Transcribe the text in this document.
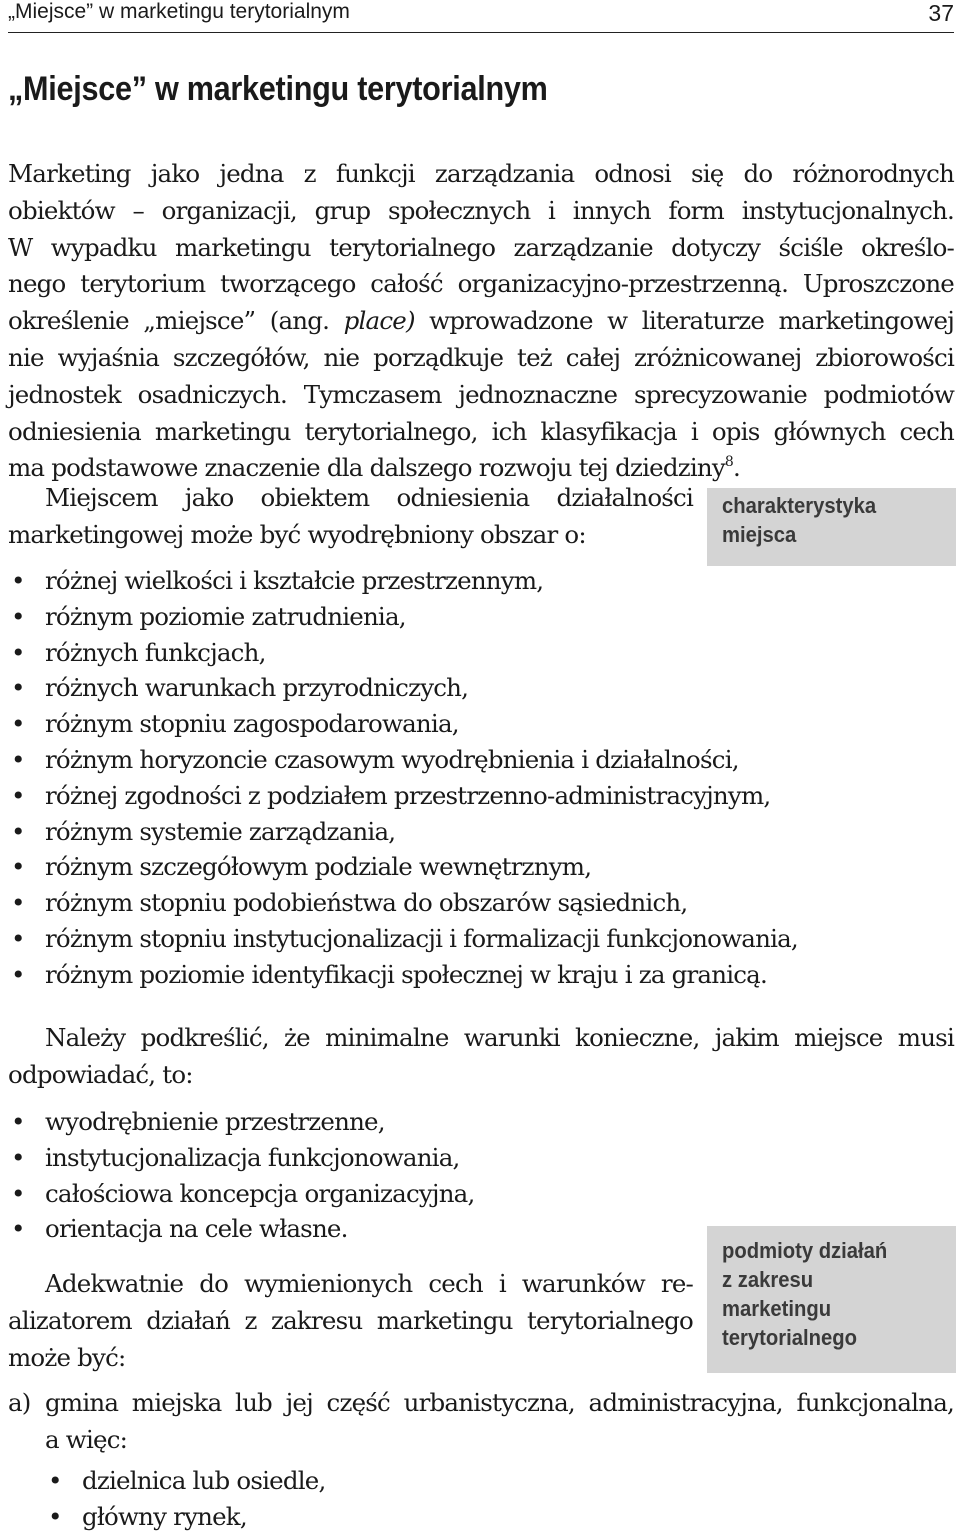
„Miejsce” w marketingu terytorialnym	37
„Miejsce” w marketingu terytorialnym
Marketing jako jedna z funkcji zarządzania odnosi się do różnorodnych
obiektów – organizacji, grup społecznych i innych form instytucjonalnych.
W wypadku marketingu terytorialnego zarządzanie dotyczy ściśle określo-
nego terytorium tworzącego całość organizacyjno-przestrzenną. Uproszczone
określenie „miejsce” (ang. place) wprowadzone w literaturze marketingowej
nie wyjaśnia szczegółów, nie porządkuje też całej zróżnicowanej zbiorowości
jednostek osadniczych. Tymczasem jednoznaczne sprecyzowanie podmiotów
odniesienia marketingu terytorialnego, ich klasyfikacja i opis głównych cech
ma podstawowe znaczenie dla dalszego rozwoju tej dziedziny$^8$.
Miejscem jako obiektem odniesienia działalności
marketingowej może być wyodrębniony obszar o:
charakterystyka
miejsca
• różnej wielkości i kształcie przestrzennym,
• różnym poziomie zatrudnienia,
• różnych funkcjach,
• różnych warunkach przyrodniczych,
• różnym stopniu zagospodarowania,
• różnym horyzoncie czasowym wyodrębnienia i działalności,
• różnej zgodności z podziałem przestrzenno-administracyjnym,
• różnym systemie zarządzania,
• różnym szczegółowym podziale wewnętrznym,
• różnym stopniu podobieństwa do obszarów sąsiednich,
• różnym stopniu instytucjonalizacji i formalizacji funkcjonowania,
• różnym poziomie identyfikacji społecznej w kraju i za granicą.
Należy podkreślić, że minimalne warunki konieczne, jakim miejsce musi
odpowiadać, to:
• wyodrębnienie przestrzenne,
• instytucjonalizacja funkcjonowania,
• całościowa koncepcja organizacyjna,
• orientacja na cele własne.
podmioty działań
z zakresu
marketingu
terytorialnego
Adekwatnie do wymienionych cech i warunków re-
alizatorem działań z zakresu marketingu terytorialnego
może być:
a) gmina miejska lub jej część urbanistyczna, administracyjna, funkcjonalna,
a więc:
• dzielnica lub osiedle,
• główny rynek,
